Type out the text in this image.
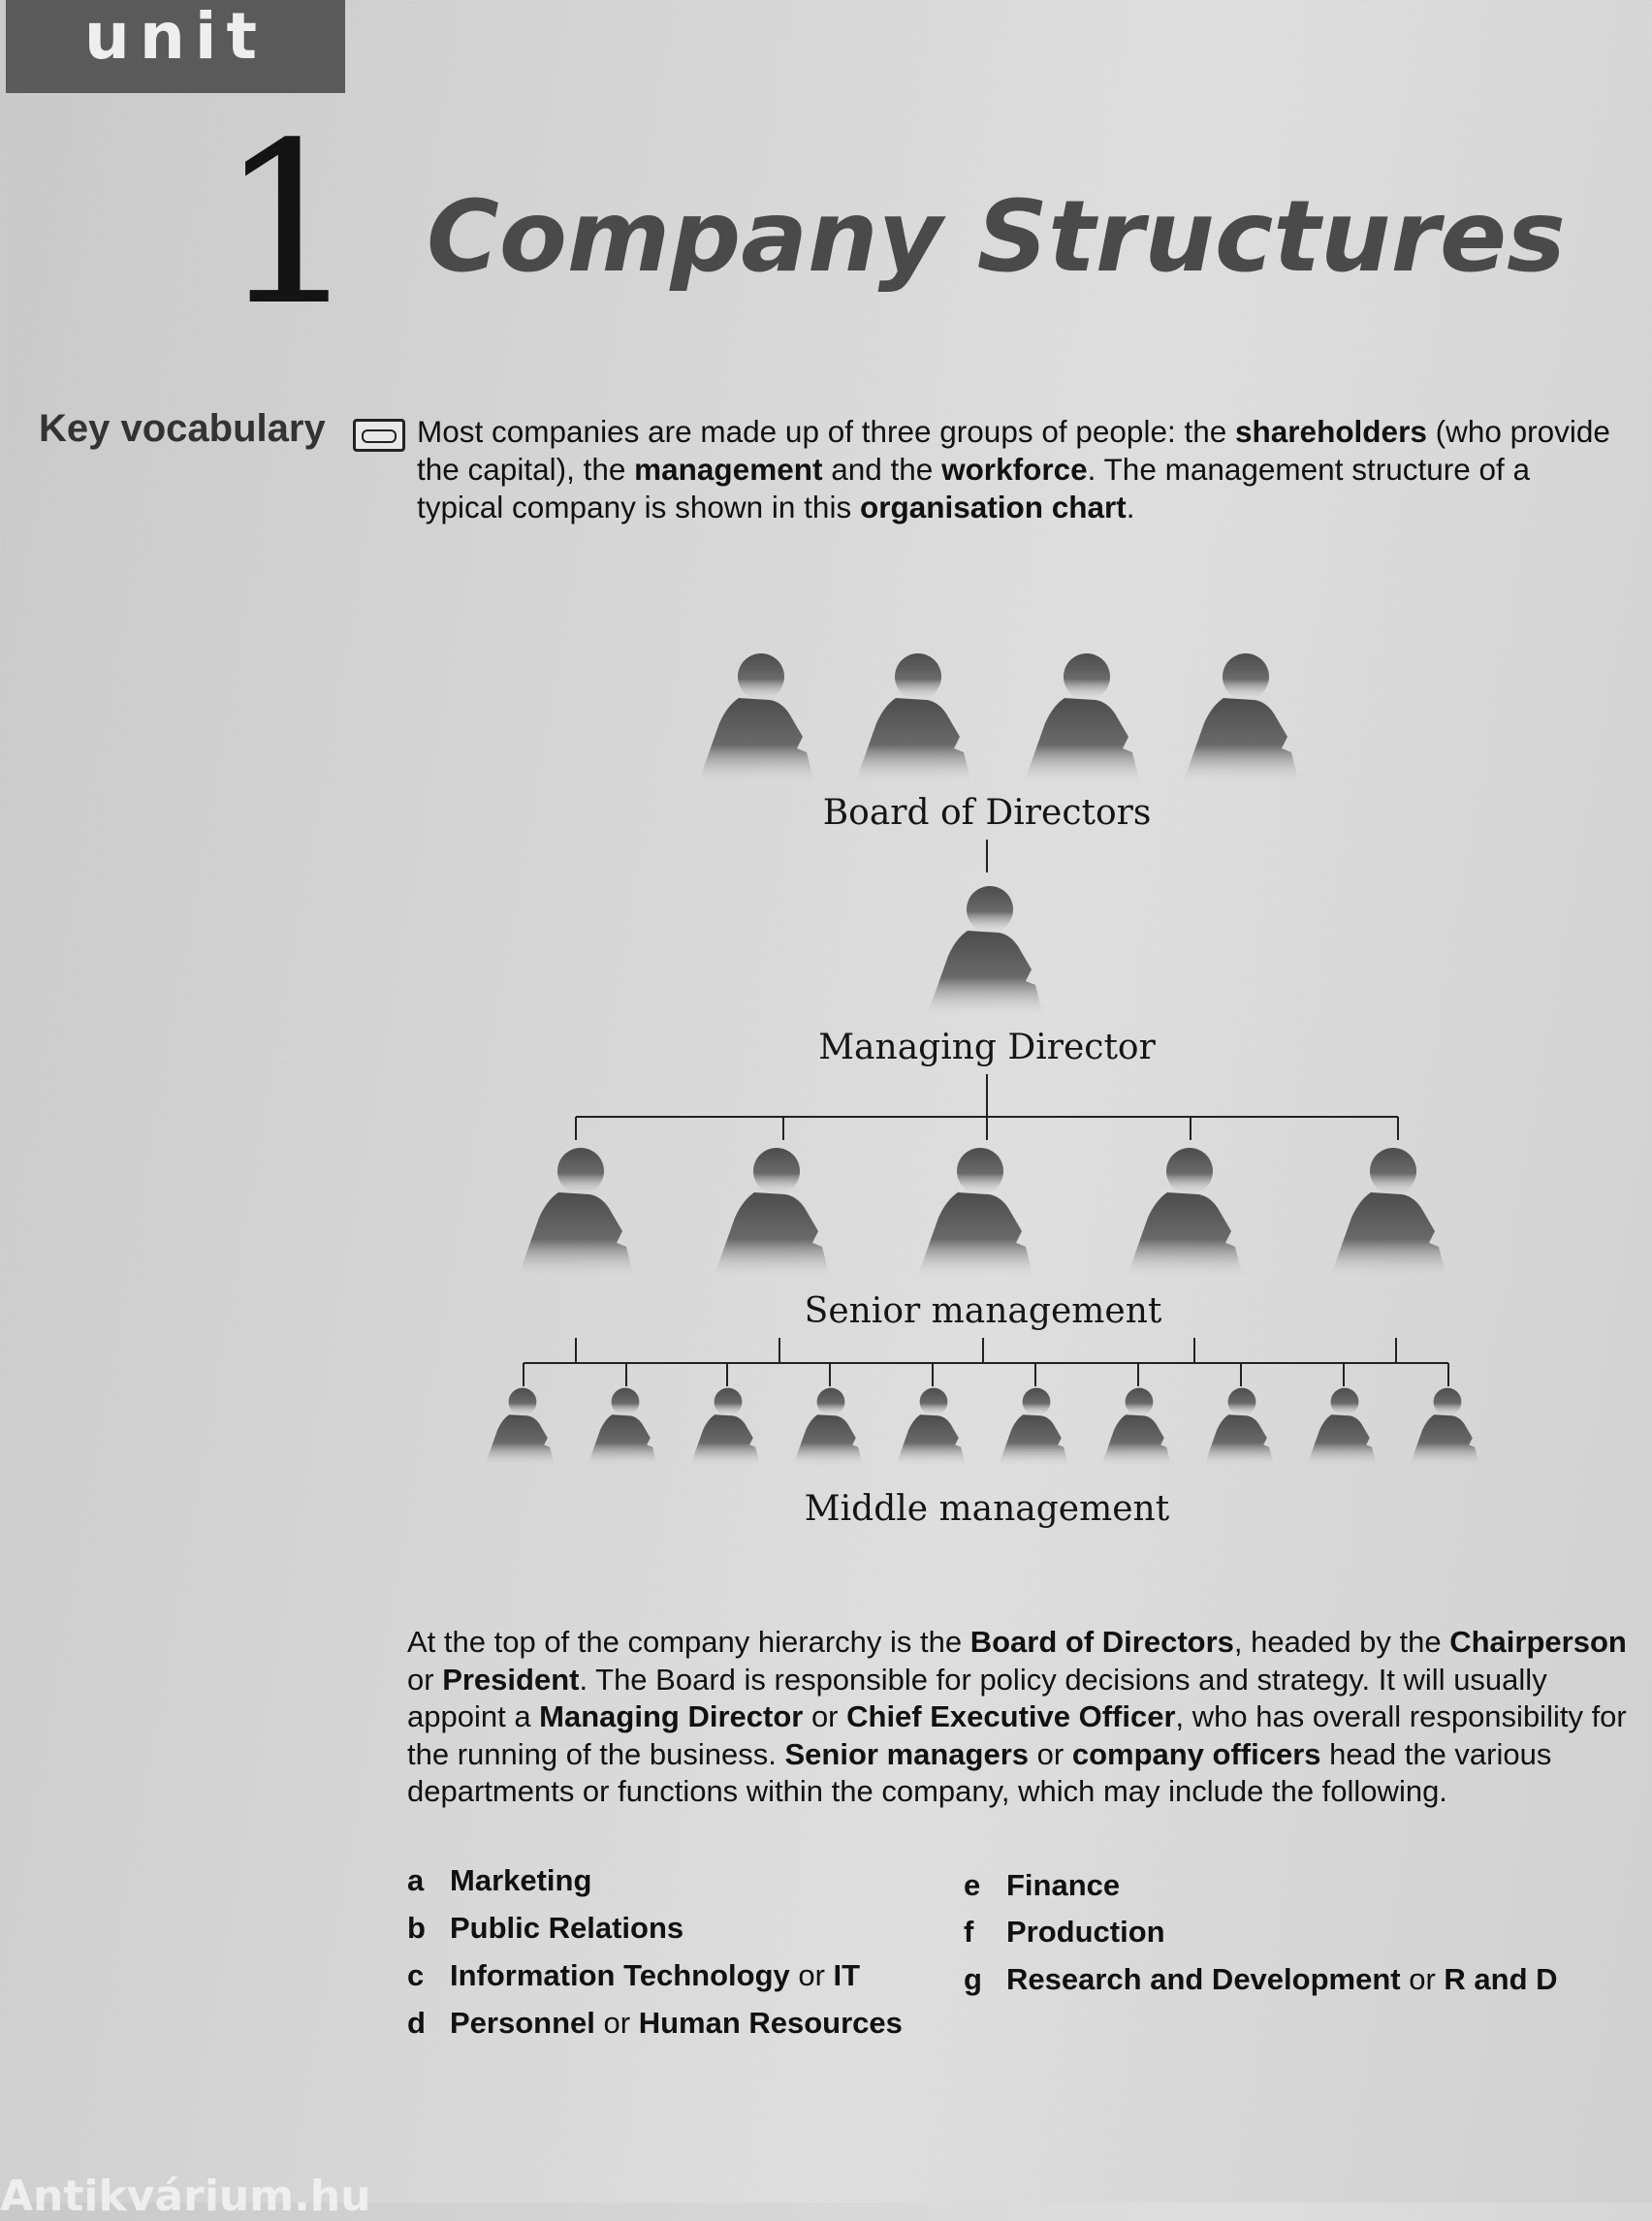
unit
1 Company Structures
Key vocabulary	Most companies are made up of three groups of people: the shareholders (who provide the capital), the management and the workforce. The management structure of a typical company is shown in this organisation chart.
Board of Directors
Managing Director
Senior management
Middle management
At the top of the company hierarchy is the Board of Directors, headed by the Chairperson or President. The Board is responsible for policy decisions and strategy. It will usually appoint a Managing Director or Chief Executive Officer, who has overall responsibility for the running of the business. Senior managers or company officers head the various departments or functions within the company, which may include the following.
a Marketing
b Public Relations
c Information Technology or IT
d Personnel or Human Resources
e Finance
f Production
g Research and Development or R and D
Antikvárium.hu
